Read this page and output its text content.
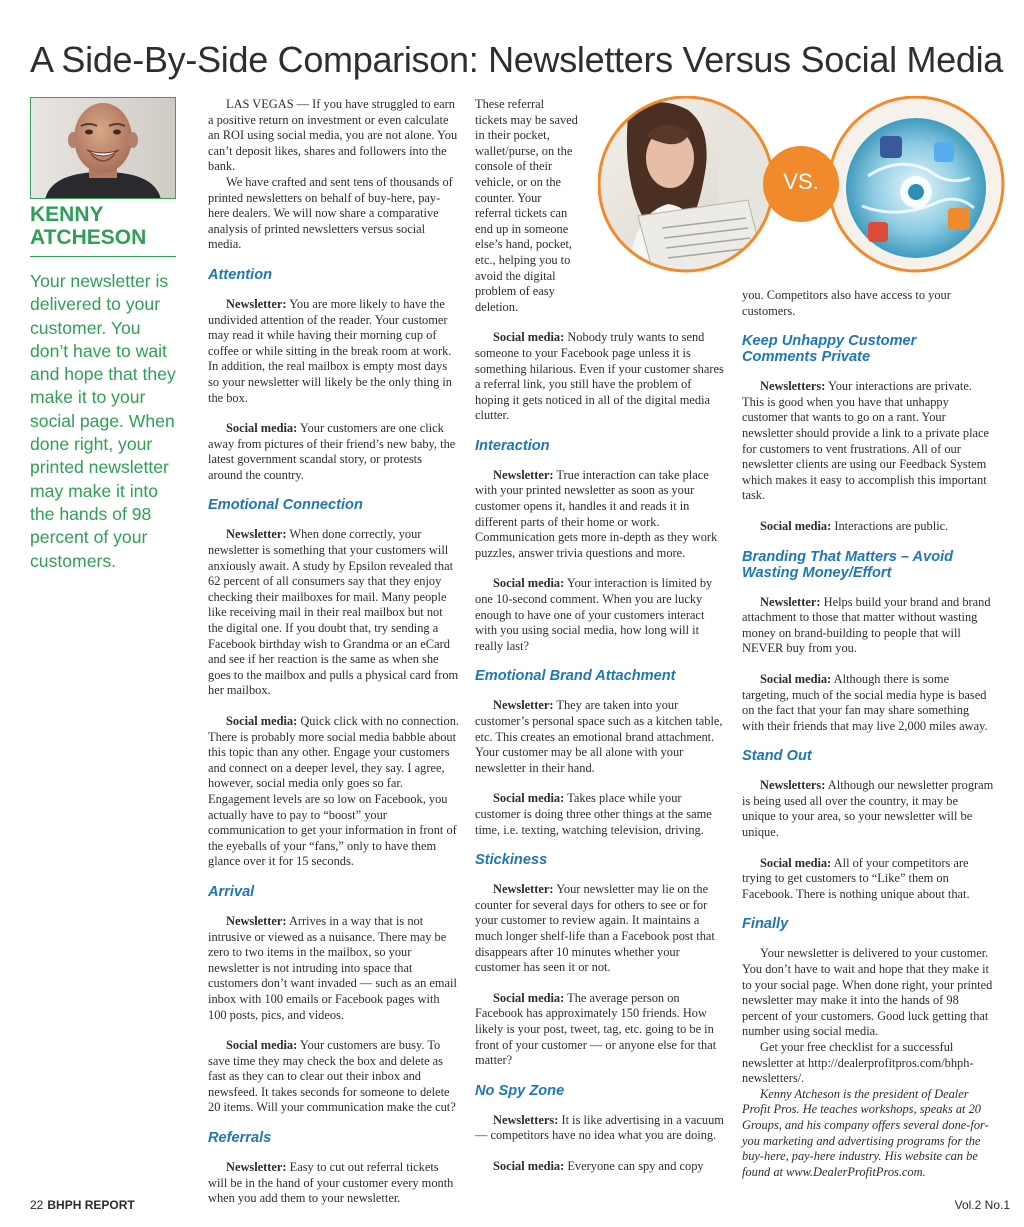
A Side-By-Side Comparison: Newsletters Versus Social Media
KENNY ATCHESON
Your newsletter is delivered to your customer. You don’t have to wait and hope that they make it to your social page. When done right, your printed newsletter may make it into the hands of 98 percent of your customers.

LAS VEGAS — If you have struggled to earn a positive return on investment or even calculate an ROI using social media, you are not alone. You can’t deposit likes, shares and followers into the bank.

We have crafted and sent tens of thousands of printed newsletters on behalf of buy-here, pay-here dealers. We will now share a comparative analysis of printed newsletters versus social media.

Attention

Newsletter: You are more likely to have the undivided attention of the reader. Your customer may read it while having their morning cup of coffee or while sitting in the break room at work. In addition, the real mailbox is empty most days so your newsletter will likely be the only thing in the box.

Social media: Your customers are one click away from pictures of their friend’s new baby, the latest government scandal story, or protests around the country.

Emotional Connection

Newsletter: When done correctly, your newsletter is something that your customers will anxiously await. A study by Epsilon revealed that 62 percent of all consumers say that they enjoy checking their mailboxes for mail. Many people like receiving mail in their real mailbox but not the digital one. If you doubt that, try sending a Facebook birthday wish to Grandma or an eCard and see if her reaction is the same as when she goes to the mailbox and pulls a physical card from her mailbox.

Social media: Quick click with no connection. There is probably more social media babble about this topic than any other. Engage your customers and connect on a deeper level, they say. I agree, however, social media only goes so far. Engagement levels are so low on Facebook, you actually have to pay to “boost” your communication to get your information in front of the eyeballs of your “fans,” only to have them glance over it for 15 seconds.

Arrival

Newsletter: Arrives in a way that is not intrusive or viewed as a nuisance. There may be zero to two items in the mailbox, so your newsletter is not intruding into space that customers don’t want invaded — such as an email inbox with 100 emails or Facebook pages with 100 posts, pics, and videos.

Social media: Your customers are busy. To save time they may check the box and delete as fast as they can to clear out their inbox and newsfeed. It takes seconds for someone to delete 20 items. Will your communication make the cut?

Referrals

Newsletter: Easy to cut out referral tickets will be in the hand of your customer every month when you add them to your newsletter.

VS.
These referral tickets may be saved in their pocket, wallet/purse, on the console of their vehicle, or on the counter. Your referral tickets can end up in someone else’s hand, pocket, etc., helping you to avoid the digital problem of easy deletion.

Social media: Nobody truly wants to send someone to your Facebook page unless it is something hilarious. Even if your customer shares a referral link, you still have the problem of hoping it gets noticed in all of the digital media clutter.

Interaction

Newsletter: True interaction can take place with your printed newsletter as soon as your customer opens it, handles it and reads it in different parts of their home or work. Communication gets more in-depth as they work puzzles, answer trivia questions and more.

Social media: Your interaction is limited by one 10-second comment. When you are lucky enough to have one of your customers interact with you using social media, how long will it really last?

Emotional Brand Attachment

Newsletter: They are taken into your customer’s personal space such as a kitchen table, etc. This creates an emotional brand attachment. Your customer may be all alone with your newsletter in their hand.

Social media: Takes place while your customer is doing three other things at the same time, i.e. texting, watching television, driving.

Stickiness

Newsletter: Your newsletter may lie on the counter for several days for others to see or for your customer to review again. It maintains a much longer shelf-life than a Facebook post that disappears after 10 minutes whether your customer has seen it or not.

Social media: The average person on Facebook has approximately 150 friends. How likely is your post, tweet, tag, etc. going to be in front of your customer — or anyone else for that matter?

No Spy Zone

Newsletters: It is like advertising in a vacuum — competitors have no idea what you are doing.

Social media: Everyone can spy and copy

you. Competitors also have access to your customers.
Keep Unhappy Customer Comments Private

Newsletters: Your interactions are private. This is good when you have that unhappy customer that wants to go on a rant. Your newsletter should provide a link to a private place for customers to vent frustrations. All of our newsletter clients are using our Feedback System which makes it easy to accomplish this important task.

Social media: Interactions are public.

Branding That Matters – Avoid Wasting Money/Effort

Newsletter: Helps build your brand and brand attachment to those that matter without wasting money on brand-building to people that will NEVER buy from you.

Social media: Although there is some targeting, much of the social media hype is based on the fact that your fan may share something with their friends that may live 2,000 miles away.

Stand Out

Newsletters: Although our newsletter program is being used all over the country, it may be unique to your area, so your newsletter will be unique.

Social media: All of your competitors are trying to get customers to “Like” them on Facebook. There is nothing unique about that.

Finally

Your newsletter is delivered to your customer. You don’t have to wait and hope that they make it to your social page. When done right, your printed newsletter may make it into the hands of 98 percent of your customers. Good luck getting that number using social media.

Get your free checklist for a successful newsletter at http://dealerprofitpros.com/bhph-newsletters/.

Kenny Atcheson is the president of Dealer Profit Pros. He teaches workshops, speaks at 20 Groups, and his company offers several done-for-you marketing and advertising programs for the buy-here, pay-here industry. His website can be found at www.DealerProfitPros.com.

22 BHPH REPORT	Vol.2 No.1
